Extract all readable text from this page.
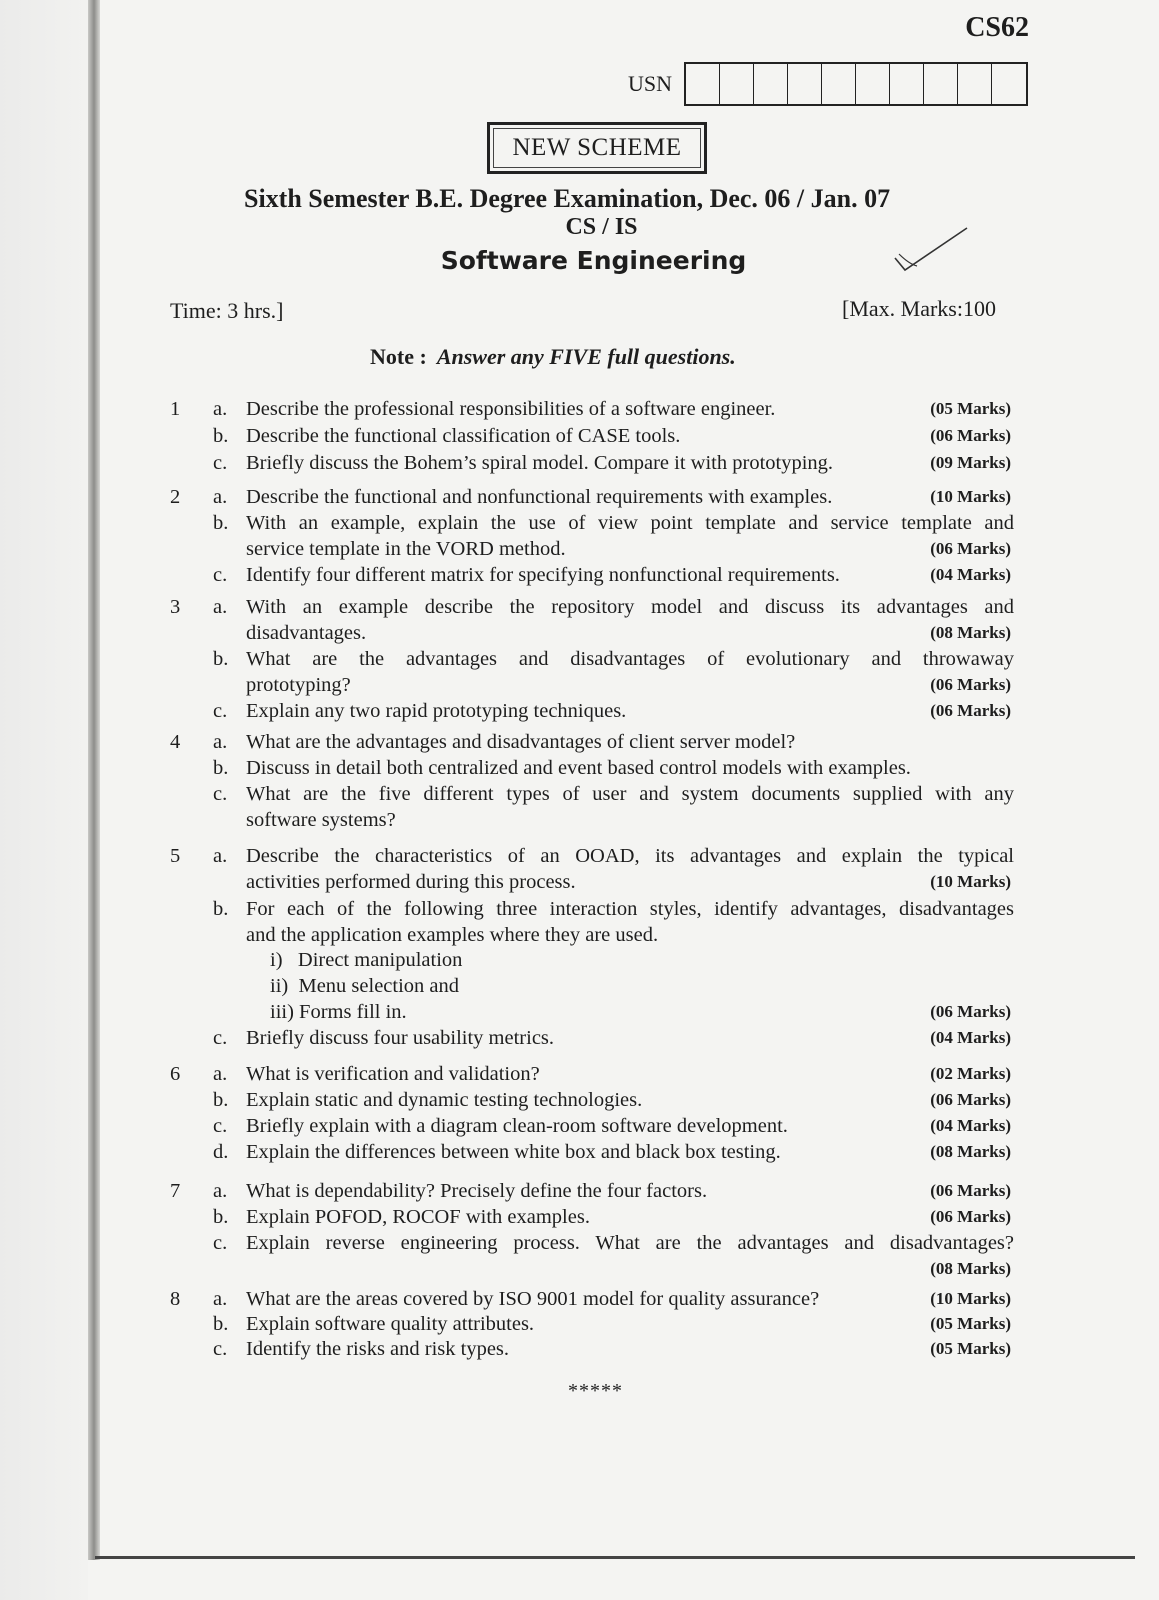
CS62
USN
NEW SCHEME
Sixth Semester B.E. Degree Examination, Dec. 06 / Jan. 07
CS / IS
Software Engineering
Time: 3 hrs.]	[Max. Marks:100
Note : Answer any FIVE full questions.
1 a. Describe the professional responsibilities of a software engineer.	(05 Marks)
b. Describe the functional classification of CASE tools.	(06 Marks)
c. Briefly discuss the Bohem’s spiral model. Compare it with prototyping.	(09 Marks)
2 a. Describe the functional and nonfunctional requirements with examples.	(10 Marks)
b. With an example, explain the use of view point template and service template and
service template in the VORD method.	(06 Marks)
c. Identify four different matrix for specifying nonfunctional requirements.	(04 Marks)
3 a. With an example describe the repository model and discuss its advantages and
disadvantages.	(08 Marks)
b. What are the advantages and disadvantages of evolutionary and throwaway
prototyping?	(06 Marks)
c. Explain any two rapid prototyping techniques.	(06 Marks)
4 a. What are the advantages and disadvantages of client server model?
b. Discuss in detail both centralized and event based control models with examples.
c. What are the five different types of user and system documents supplied with any
software systems?
5 a. Describe the characteristics of an OOAD, its advantages and explain the typical
activities performed during this process.	(10 Marks)
b. For each of the following three interaction styles, identify advantages, disadvantages
and the application examples where they are used.
i)   Direct manipulation
ii)  Menu selection and
iii) Forms fill in.	(06 Marks)
c. Briefly discuss four usability metrics.	(04 Marks)
6 a. What is verification and validation?	(02 Marks)
b. Explain static and dynamic testing technologies.	(06 Marks)
c. Briefly explain with a diagram clean-room software development.	(04 Marks)
d. Explain the differences between white box and black box testing.	(08 Marks)
7 a. What is dependability? Precisely define the four factors.	(06 Marks)
b. Explain POFOD, ROCOF with examples.	(06 Marks)
c. Explain reverse engineering process. What are the advantages and disadvantages?
(08 Marks)
8 a. What are the areas covered by ISO 9001 model for quality assurance?	(10 Marks)
b. Explain software quality attributes.	(05 Marks)
c. Identify the risks and risk types.	(05 Marks)
*****
